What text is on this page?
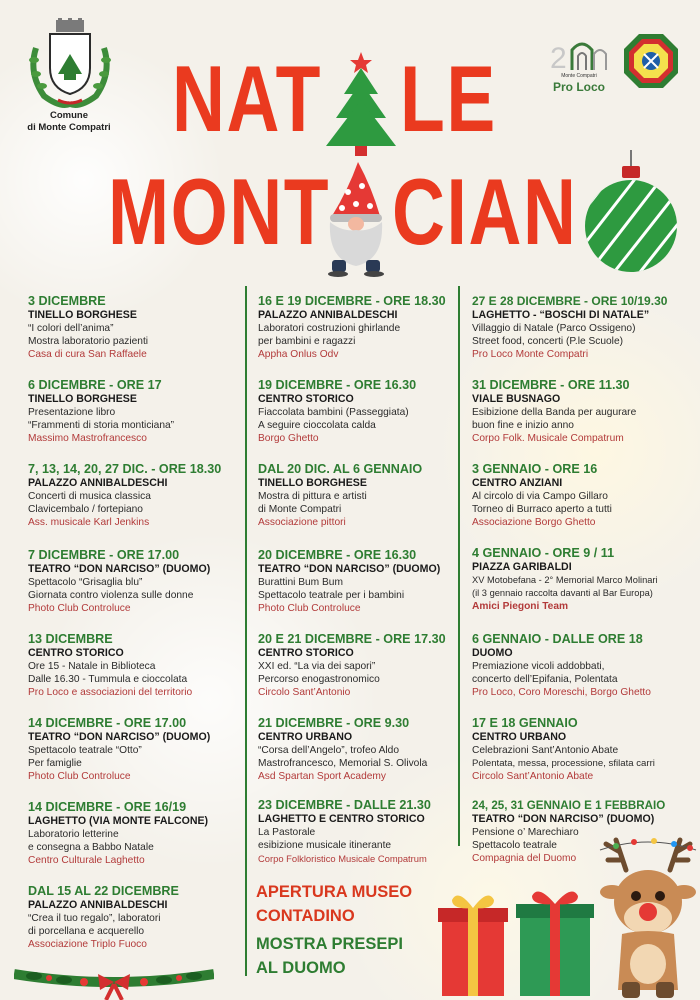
Comune
di Monte Compatri
2
Monte Compatri
Pro Loco
NAT LE
MONT CIAN
3 DICEMBRE
TINELLO BORGHESE
“I colori dell’anima”
Mostra laboratorio pazienti
Casa di cura San Raffaele
6 DICEMBRE - ORE 17
TINELLO BORGHESE
Presentazione libro
“Frammenti di storia monticiana”
Massimo Mastrofrancesco
7, 13, 14, 20, 27 DIC. - ORE 18.30
PALAZZO ANNIBALDESCHI
Concerti di musica classica
Clavicembalo / fortepiano
Ass. musicale Karl Jenkins
7 DICEMBRE - ORE 17.00
TEATRO “DON NARCISO” (DUOMO)
Spettacolo “Grisaglia blu”
Giornata contro violenza sulle donne
Photo Club Controluce
13 DICEMBRE
CENTRO STORICO
Ore 15 - Natale in Biblioteca
Dalle 16.30 - Tummula e cioccolata
Pro Loco e associazioni del territorio
14 DICEMBRE - ORE 17.00
TEATRO “DON NARCISO” (DUOMO)
Spettacolo teatrale “Otto”
Per famiglie
Photo Club Controluce
14 DICEMBRE - ORE 16/19
LAGHETTO (VIA MONTE FALCONE)
Laboratorio letterine
e consegna a Babbo Natale
Centro Culturale Laghetto
DAL 15 AL 22 DICEMBRE
PALAZZO ANNIBALDESCHI
“Crea il tuo regalo”, laboratori
di porcellana e acquerello
Associazione Triplo Fuoco
16 E 19 DICEMBRE - ORE 18.30
PALAZZO ANNIBALDESCHI
Laboratori costruzioni ghirlande
per bambini e ragazzi
Appha Onlus Odv
19 DICEMBRE - ORE 16.30
CENTRO STORICO
Fiaccolata bambini (Passeggiata)
A seguire cioccolata calda
Borgo Ghetto
DAL 20 DIC. AL 6 GENNAIO
TINELLO BORGHESE
Mostra di pittura e artisti
di Monte Compatri
Associazione pittori
20 DICEMBRE - ORE 16.30
TEATRO “DON NARCISO” (DUOMO)
Burattini Bum Bum
Spettacolo teatrale per i bambini
Photo Club Controluce
20 E 21 DICEMBRE - ORE 17.30
CENTRO STORICO
XXI ed. “La via dei sapori”
Percorso enogastronomico
Circolo Sant’Antonio
21 DICEMBRE - ORE 9.30
CENTRO URBANO
“Corsa dell’Angelo”, trofeo Aldo
Mastrofrancesco, Memorial S. Olivola
Asd Spartan Sport Academy
23 DICEMBRE - DALLE 21.30
LAGHETTO E CENTRO STORICO
La Pastorale
esibizione musicale itinerante
Corpo Folkloristico Musicale Compatrum
27 E 28 DICEMBRE - ORE 10/19.30
LAGHETTO - “BOSCHI DI NATALE”
Villaggio di Natale (Parco Ossigeno)
Street food, concerti (P.le Scuole)
Pro Loco Monte Compatri
31 DICEMBRE - ORE 11.30
VIALE BUSNAGO
Esibizione della Banda per augurare
buon fine e inizio anno
Corpo Folk. Musicale Compatrum
3 GENNAIO - ORE 16
CENTRO ANZIANI
Al circolo di via Campo Gillaro
Torneo di Burraco aperto a tutti
Associazione Borgo Ghetto
4 GENNAIO - ORE 9 / 11
PIAZZA GARIBALDI
XV Motobefana - 2° Memorial Marco Molinari
(il 3 gennaio raccolta davanti al Bar Europa)
Amici Piegoni Team
6 GENNAIO - DALLE ORE 18
DUOMO
Premiazione vicoli addobbati,
concerto dell’Epifania, Polentata
Pro Loco, Coro Moreschi, Borgo Ghetto
17 E 18 GENNAIO
CENTRO URBANO
Celebrazioni Sant’Antonio Abate
Polentata, messa, processione, sfilata carri
Circolo Sant’Antonio Abate
24, 25, 31 GENNAIO E 1 FEBBRAIO
TEATRO “DON NARCISO” (DUOMO)
Pensione o’ Marechiaro
Spettacolo teatrale
Compagnia del Duomo
APERTURA MUSEO
CONTADINO
MOSTRA PRESEPI
AL DUOMO
